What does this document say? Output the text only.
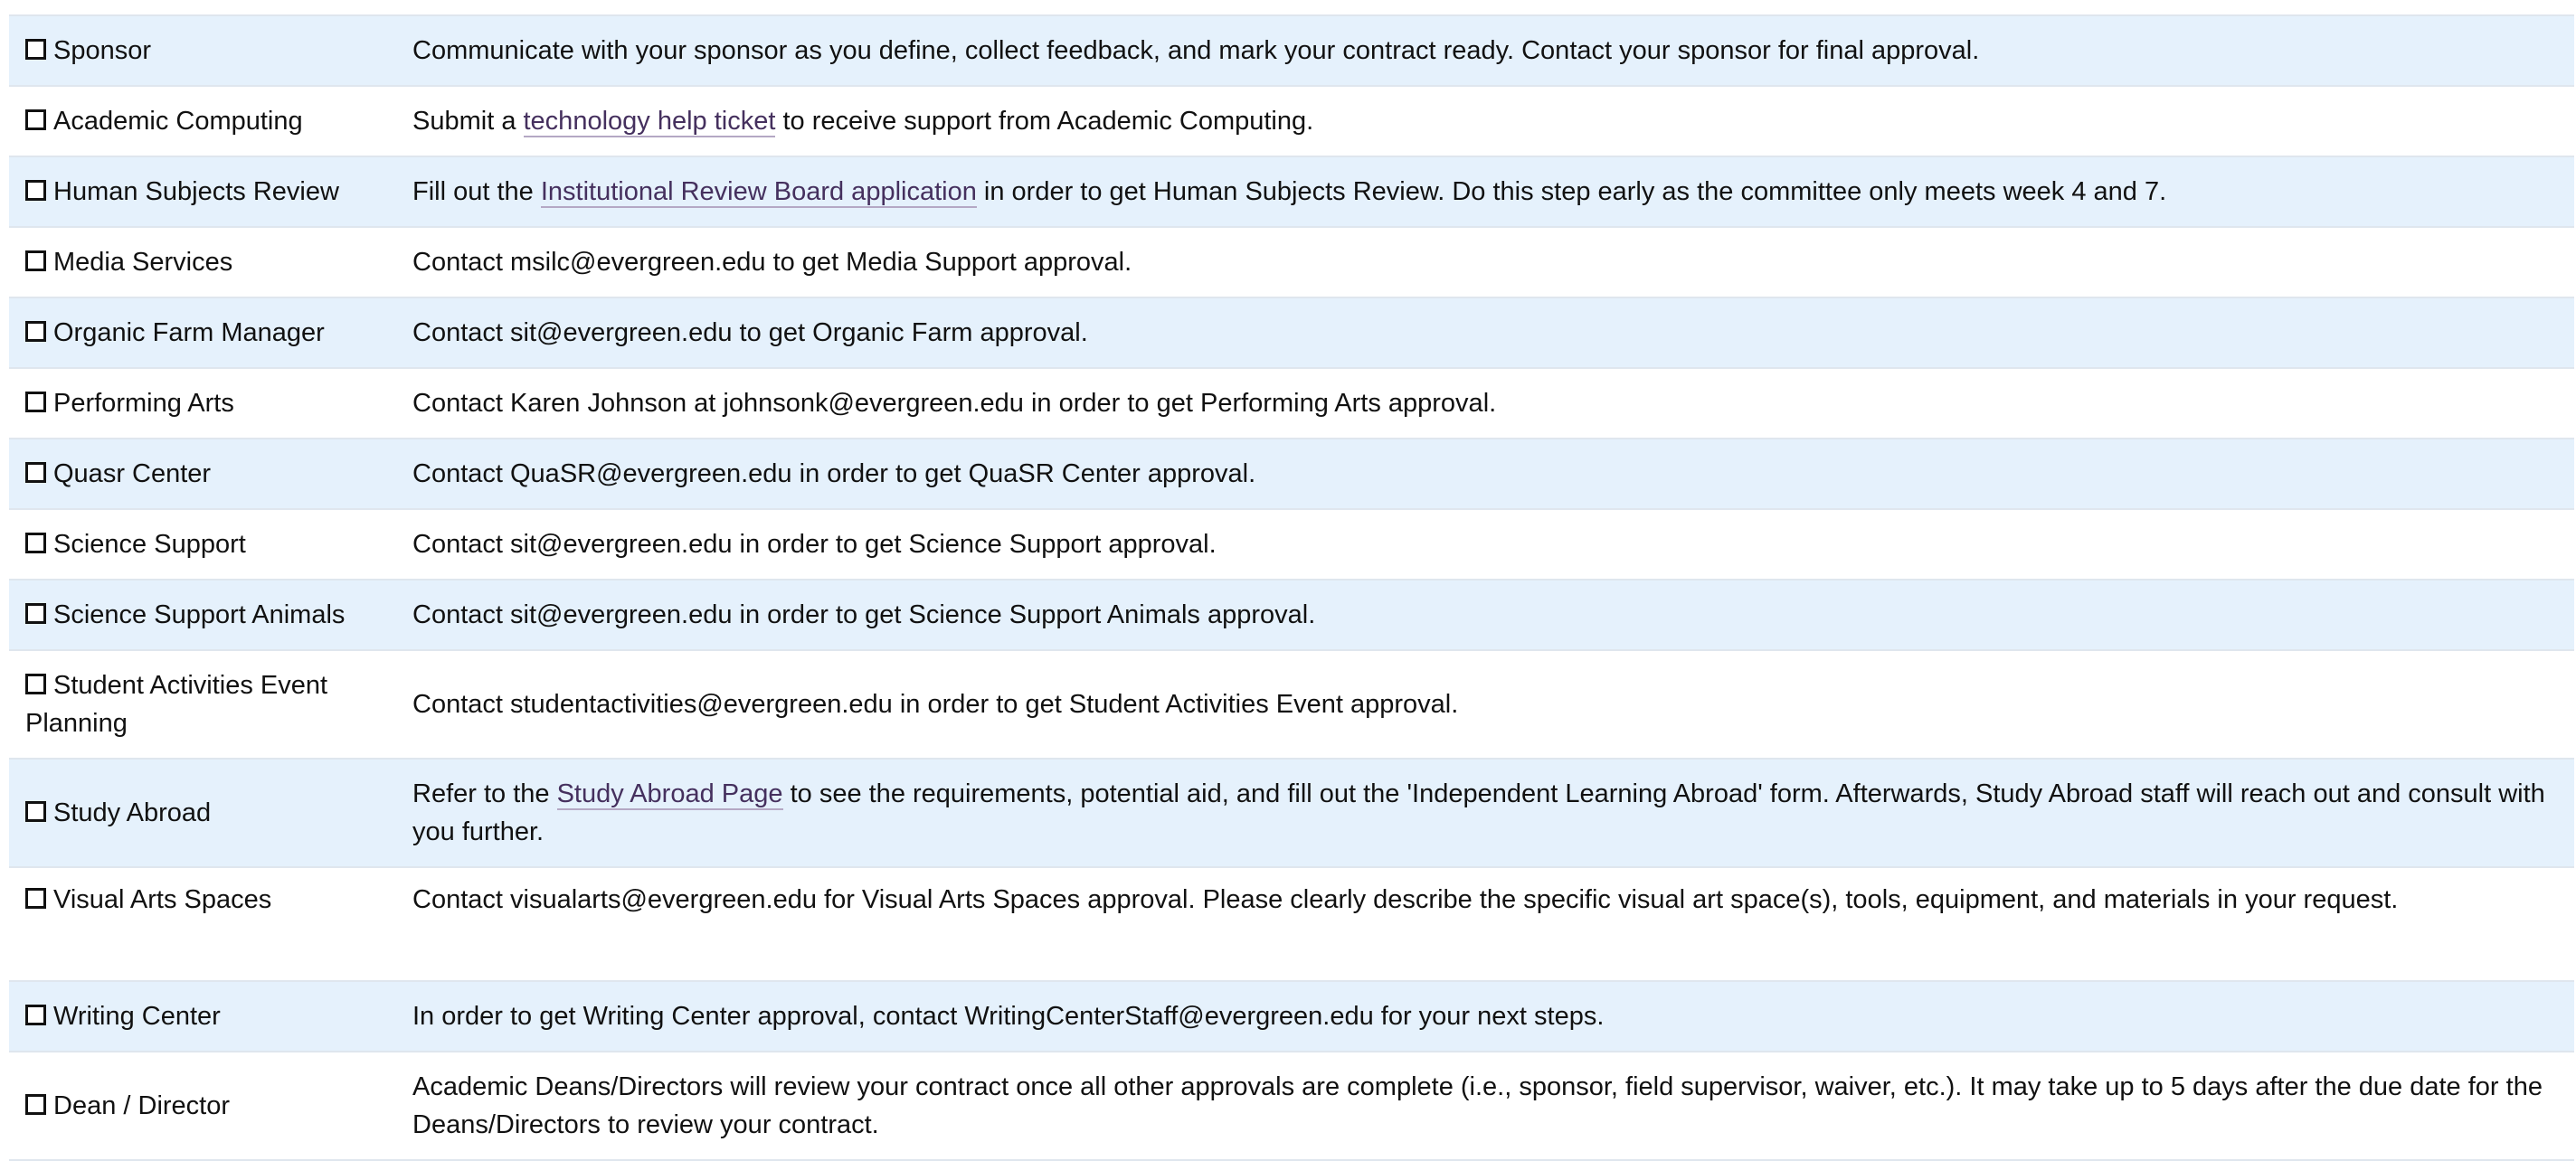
Sponsor	Communicate with your sponsor as you define, collect feedback, and mark your contract ready. Contact your sponsor for final approval.
Academic Computing	Submit a technology help ticket to receive support from Academic Computing.
Human Subjects Review	Fill out the Institutional Review Board application in order to get Human Subjects Review. Do this step early as the committee only meets week 4 and 7.
Media Services	Contact msilc@evergreen.edu to get Media Support approval.
Organic Farm Manager	Contact sit@evergreen.edu to get Organic Farm approval.
Performing Arts	Contact Karen Johnson at johnsonk@evergreen.edu in order to get Performing Arts approval.
Quasr Center	Contact QuaSR@evergreen.edu in order to get QuaSR Center approval.
Science Support	Contact sit@evergreen.edu in order to get Science Support approval.
Science Support Animals	Contact sit@evergreen.edu in order to get Science Support Animals approval.
Student Activities Event Planning	Contact studentactivities@evergreen.edu in order to get Student Activities Event approval.
Study Abroad	Refer to the Study Abroad Page to see the requirements, potential aid, and fill out the 'Independent Learning Abroad' form. Afterwards, Study Abroad staff will reach out and consult with you further.
Visual Arts Spaces	Contact visualarts@evergreen.edu for Visual Arts Spaces approval. Please clearly describe the specific visual art space(s), tools, equipment, and materials in your request.
Writing Center	In order to get Writing Center approval, contact WritingCenterStaff@evergreen.edu for your next steps.
Dean / Director	Academic Deans/Directors will review your contract once all other approvals are complete (i.e., sponsor, field supervisor, waiver, etc.). It may take up to 5 days after the due date for the Deans/Directors to review your contract.
